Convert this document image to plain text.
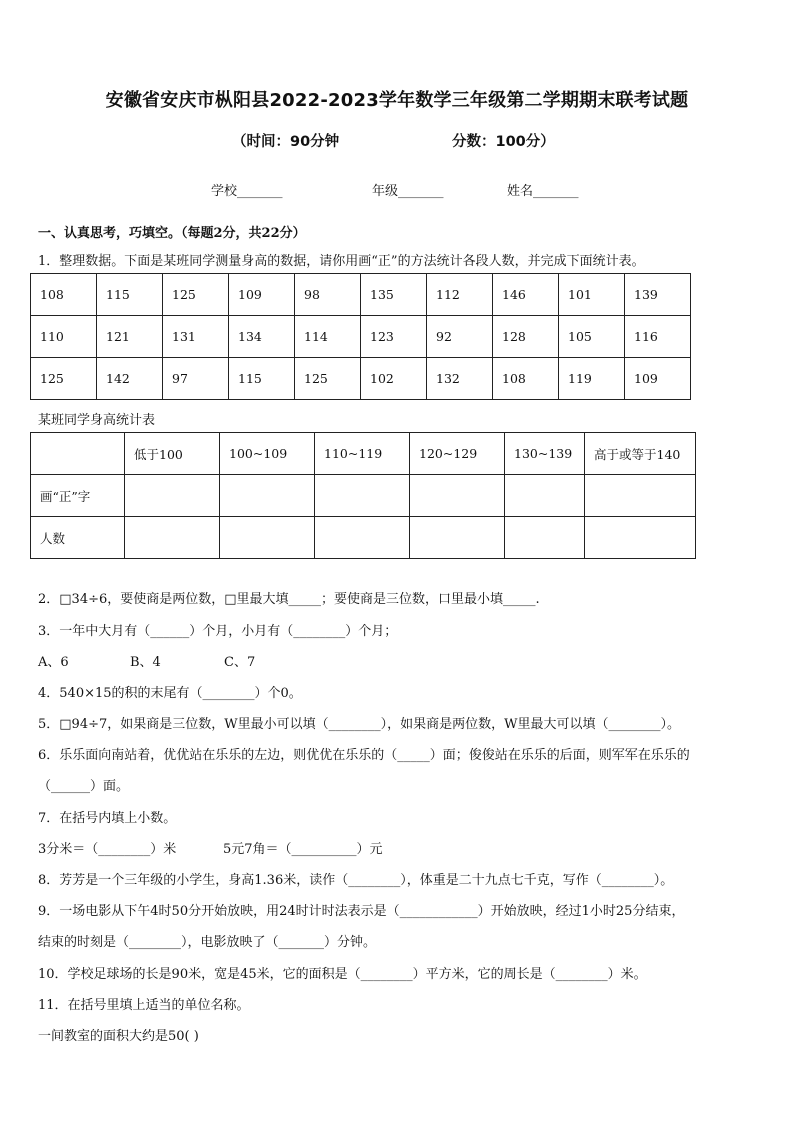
安徽省安庆市枞阳县2022-2023学年数学三年级第二学期期末联考试题
（时间：90分钟	分数：100分）
学校_______	年级_______	姓名_______
一、认真思考，巧填空。（每题2分，共22分）
1．整理数据。下面是某班同学测量身高的数据，请你用画“正”的方法统计各段人数，并完成下面统计表。
108	115	125	109	98	135	112	146	101	139
110	121	131	134	114	123	92	128	105	116
125	142	97	115	125	102	132	108	119	109
某班同学身高统计表
	低于100	100~109	110~119	120~129	130~139	高于或等于140
画“正”字						
人数						
2．□34÷6，要使商是两位数，□里最大填_____；要使商是三位数，口里最小填_____.
3．一年中大月有（______）个月，小月有（________）个月；
A、6	B、4	C、7
4．540×15的积的末尾有（________）个0。
5．□94÷7，如果商是三位数，W里最小可以填（________），如果商是两位数，W里最大可以填（________）。
6．乐乐面向南站着，优优站在乐乐的左边，则优优在乐乐的（_____）面；俊俊站在乐乐的后面，则军军在乐乐的
（______）面。
7．在括号内填上小数。
3分米＝（________）米	5元7角＝（__________）元
8．芳芳是一个三年级的小学生，身高1.36米，读作（________），体重是二十九点七千克，写作（________）。
9．一场电影从下午4时50分开始放映，用24时计时法表示是（____________）开始放映，经过1小时25分结束，
结束的时刻是（________），电影放映了（_______）分钟。
10．学校足球场的长是90米，宽是45米，它的面积是（________）平方米，它的周长是（________）米。
11．在括号里填上适当的单位名称。
一间教室的面积大约是50( )
